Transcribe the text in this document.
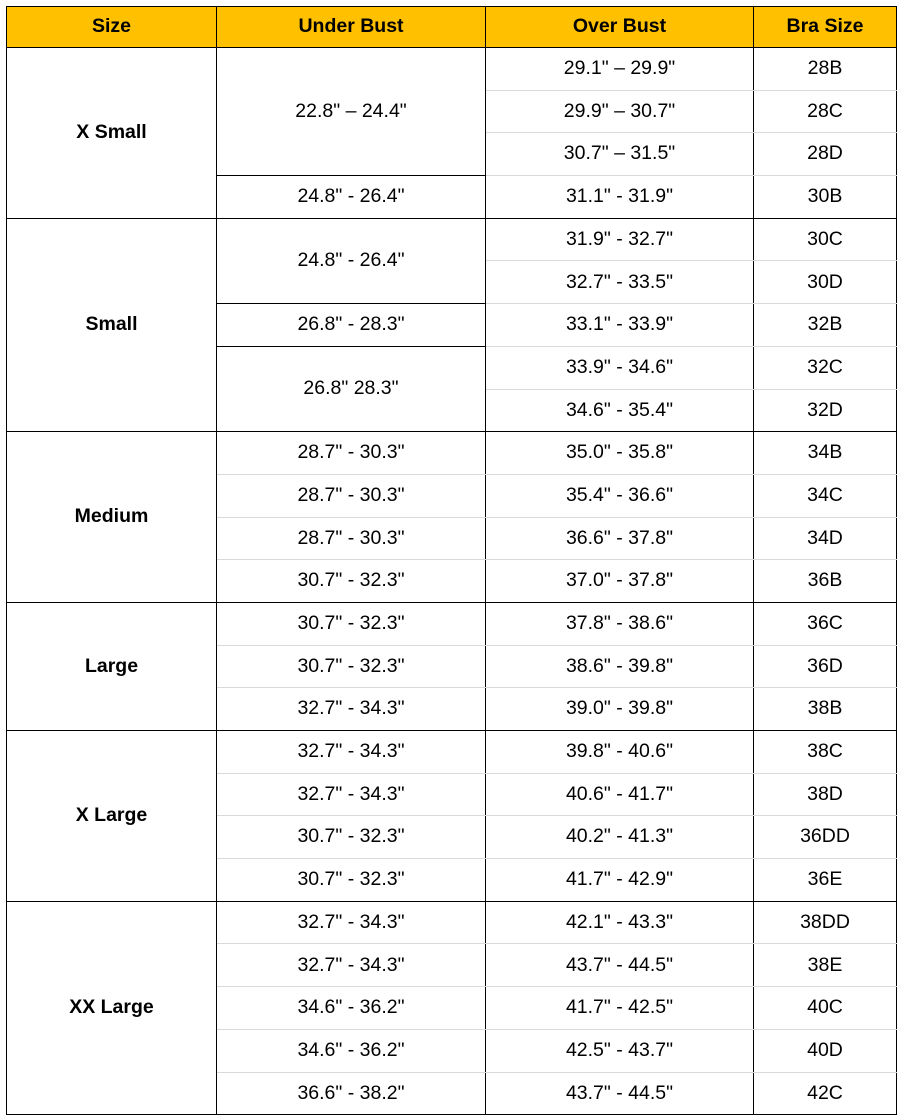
Size	Under Bust	Over Bust	Bra Size
X Small	22.8" – 24.4"	29.1" – 29.9"	28B
		29.9" – 30.7"	28C
		30.7" – 31.5"	28D
	24.8" - 26.4"	31.1" - 31.9"	30B
Small	24.8" - 26.4"	31.9" - 32.7"	30C
		32.7" - 33.5"	30D
	26.8" - 28.3"	33.1" - 33.9"	32B
	26.8" 28.3"	33.9" - 34.6"	32C
		34.6" - 35.4"	32D
Medium	28.7" - 30.3"	35.0" - 35.8"	34B
	28.7" - 30.3"	35.4" - 36.6"	34C
	28.7" - 30.3"	36.6" - 37.8"	34D
	30.7" - 32.3"	37.0" - 37.8"	36B
Large	30.7" - 32.3"	37.8" - 38.6"	36C
	30.7" - 32.3"	38.6" - 39.8"	36D
	32.7" - 34.3"	39.0" - 39.8"	38B
X Large	32.7" - 34.3"	39.8" - 40.6"	38C
	32.7" - 34.3"	40.6" - 41.7"	38D
	30.7" - 32.3"	40.2" - 41.3"	36DD
	30.7" - 32.3"	41.7" - 42.9"	36E
XX Large	32.7" - 34.3"	42.1" - 43.3"	38DD
	32.7" - 34.3"	43.7" - 44.5"	38E
	34.6" - 36.2"	41.7" - 42.5"	40C
	34.6" - 36.2"	42.5" - 43.7"	40D
	36.6" - 38.2"	43.7" - 44.5"	42C
